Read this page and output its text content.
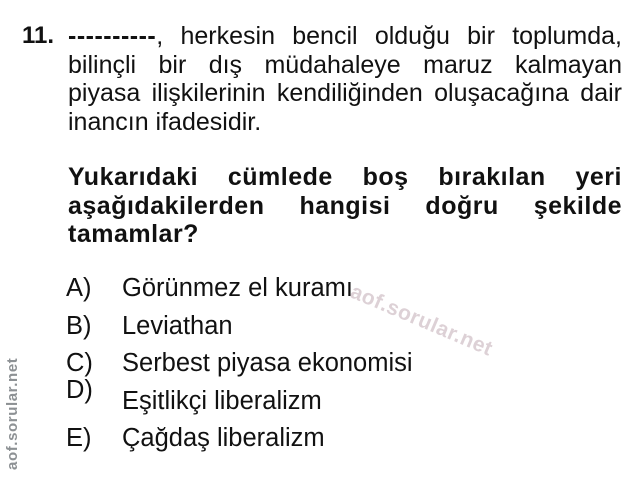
11. ----------, herkesin bencil olduğu bir toplumda,
bilinçli bir dış müdahaleye maruz kalmayan
piyasa ilişkilerinin kendiliğinden oluşacağına dair
inancın ifadesidir.
Yukarıdaki cümlede boş bırakılan yeri
aşağıdakilerden hangisi doğru şekilde
tamamlar?
A)	Görünmez el kuramı
B)	Leviathan
C)	Serbest piyasa ekonomisi
D)	Eşitlikçi liberalizm
E)	Çağdaş liberalizm
aof.sorular.net
aof.sorular.net
